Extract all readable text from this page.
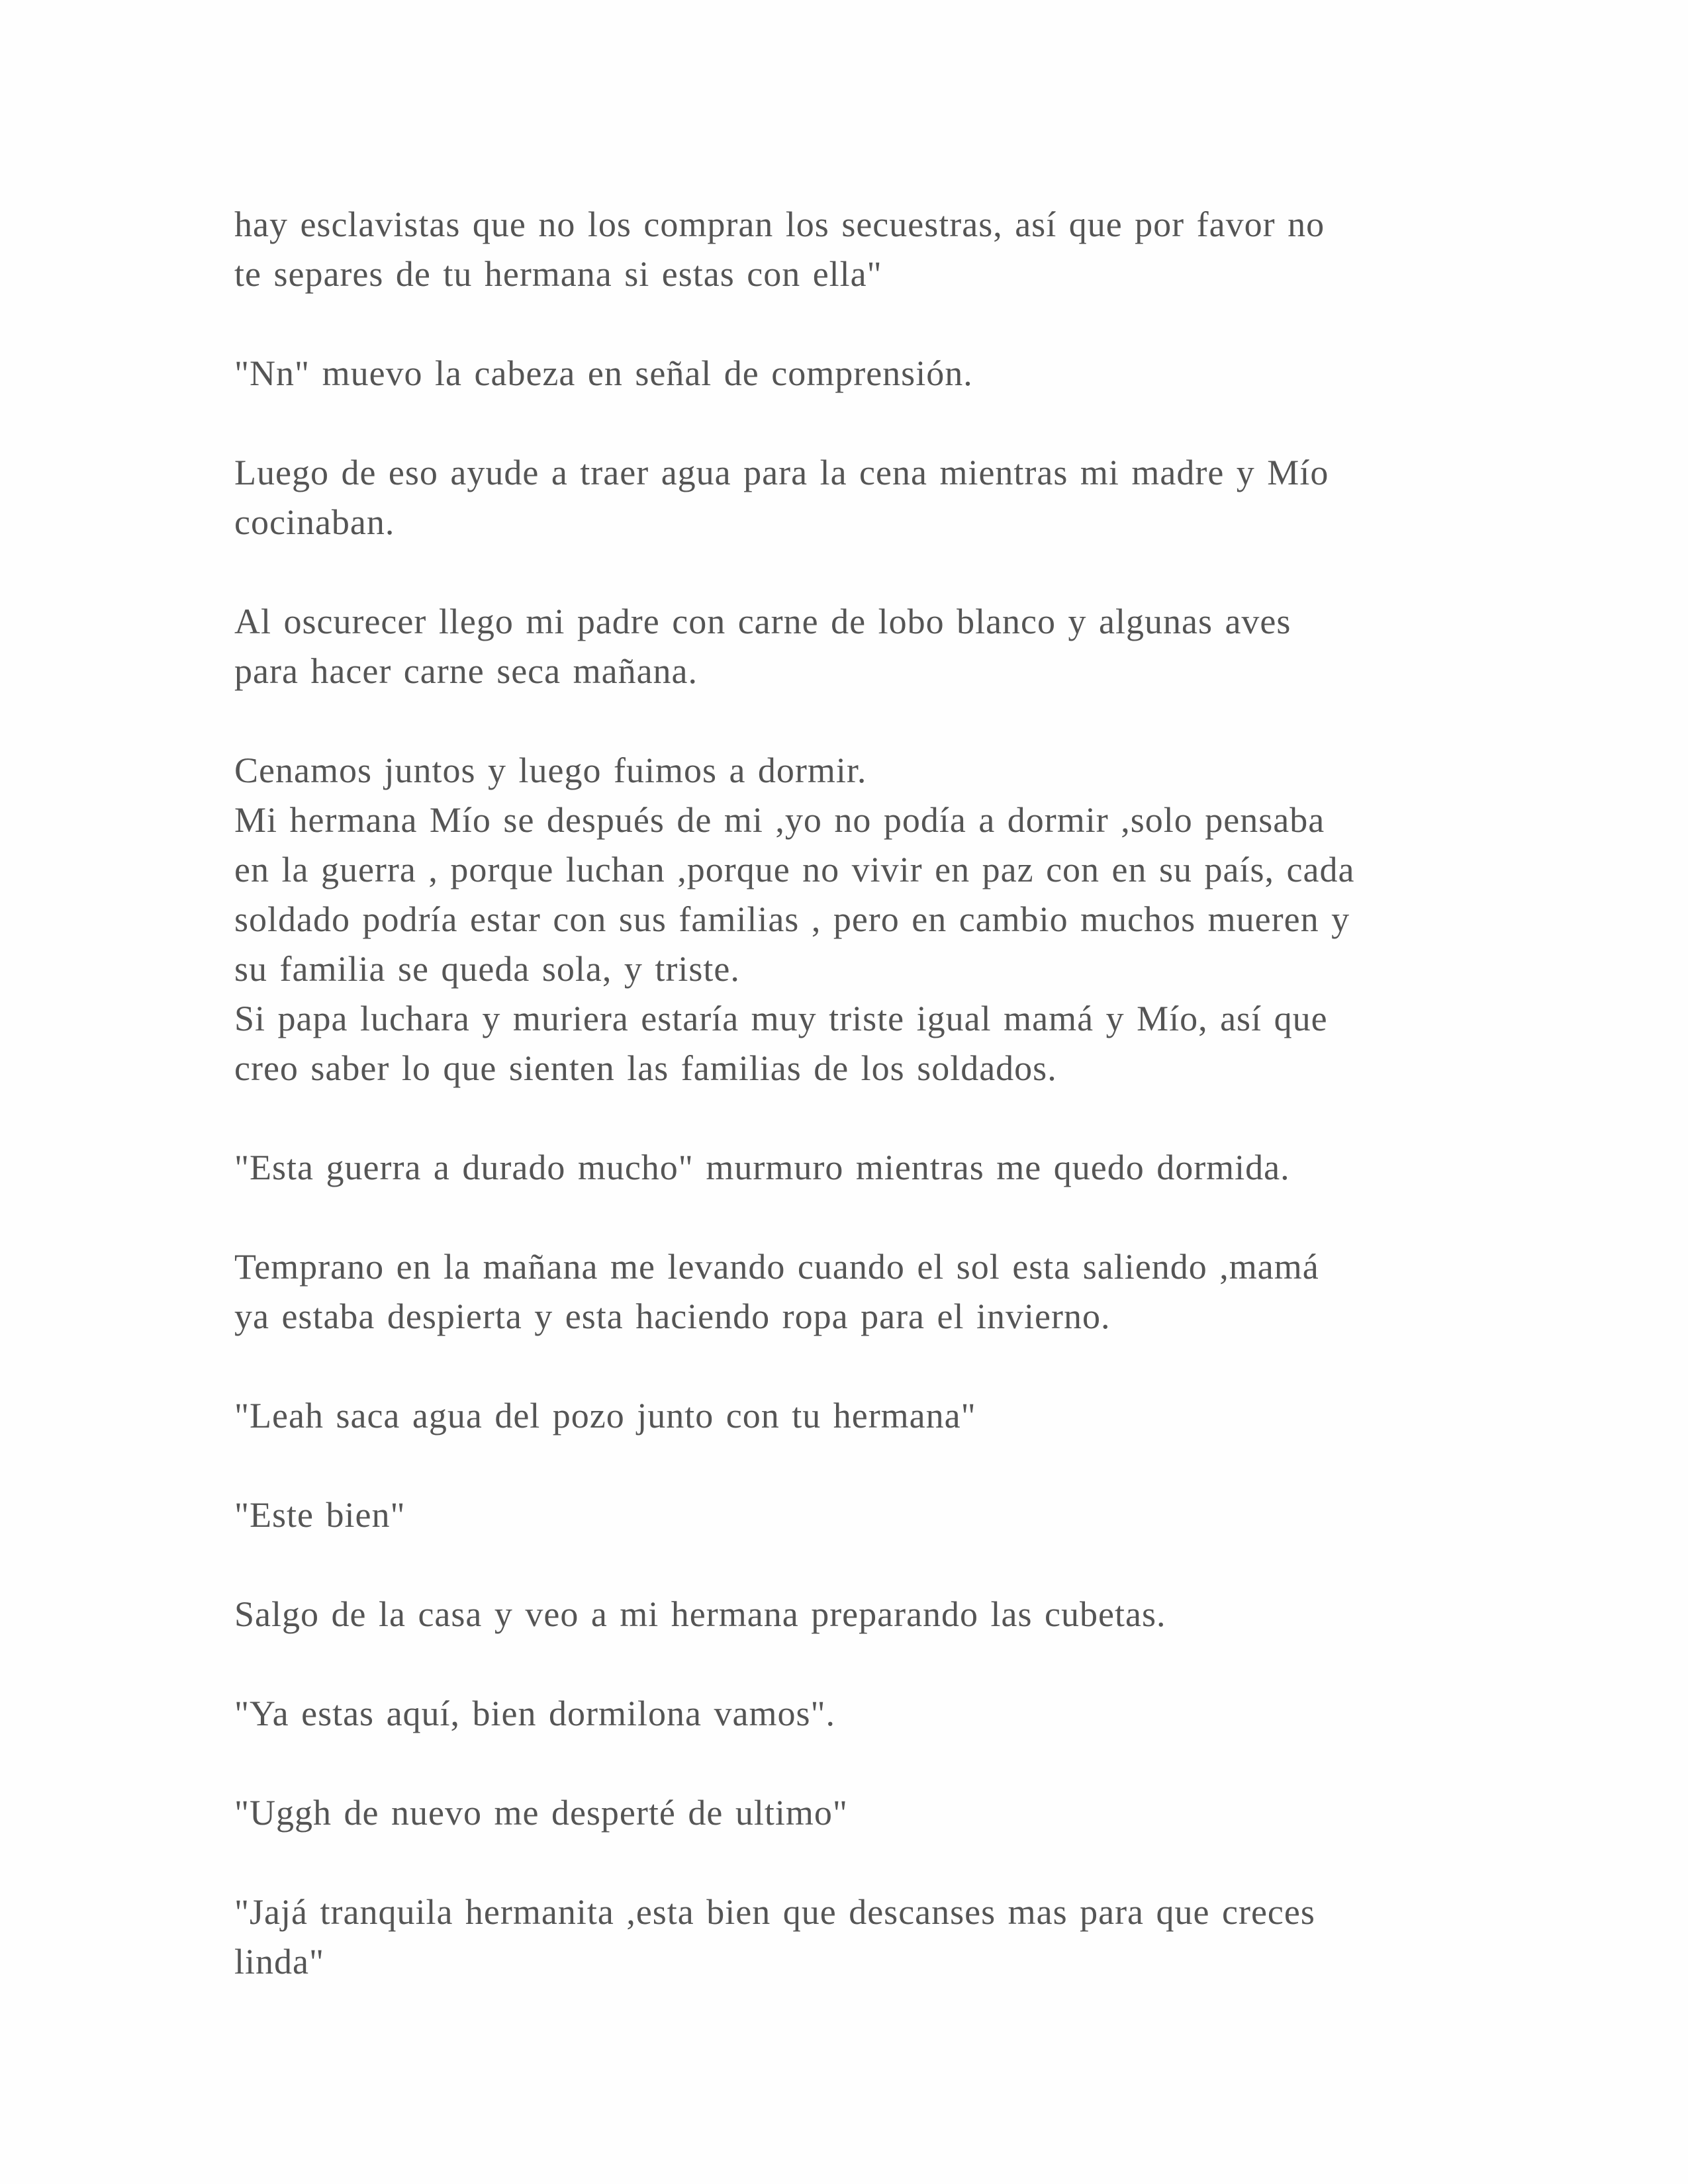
hay esclavistas que no los compran los secuestras, así que por favor no
te separes de tu hermana si estas con ella"
"Nn" muevo la cabeza en señal de comprensión.
Luego de eso ayude a traer agua para la cena mientras mi madre y Mío
cocinaban.
Al oscurecer llego mi padre con carne de lobo blanco y algunas aves
para hacer carne seca mañana.
Cenamos juntos y luego fuimos a dormir.
Mi hermana Mío se después de mi ,yo no podía a dormir ,solo pensaba
en la guerra , porque luchan ,porque no vivir en paz con en su país, cada
soldado podría estar con sus familias , pero en cambio muchos mueren y
su familia se queda sola, y triste.
Si papa luchara y muriera estaría muy triste igual mamá y Mío, así que
creo saber lo que sienten las familias de los soldados.
"Esta guerra a durado mucho" murmuro mientras me quedo dormida.
Temprano en la mañana me levando cuando el sol esta saliendo ,mamá
ya estaba despierta y esta haciendo ropa para el invierno.
"Leah saca agua del pozo junto con tu hermana"
"Este bien"
Salgo de la casa y veo a mi hermana preparando las cubetas.
"Ya estas aquí, bien dormilona vamos".
"Uggh de nuevo me desperté de ultimo"
"Jajá tranquila hermanita ,esta bien que descanses mas para que creces
linda"
